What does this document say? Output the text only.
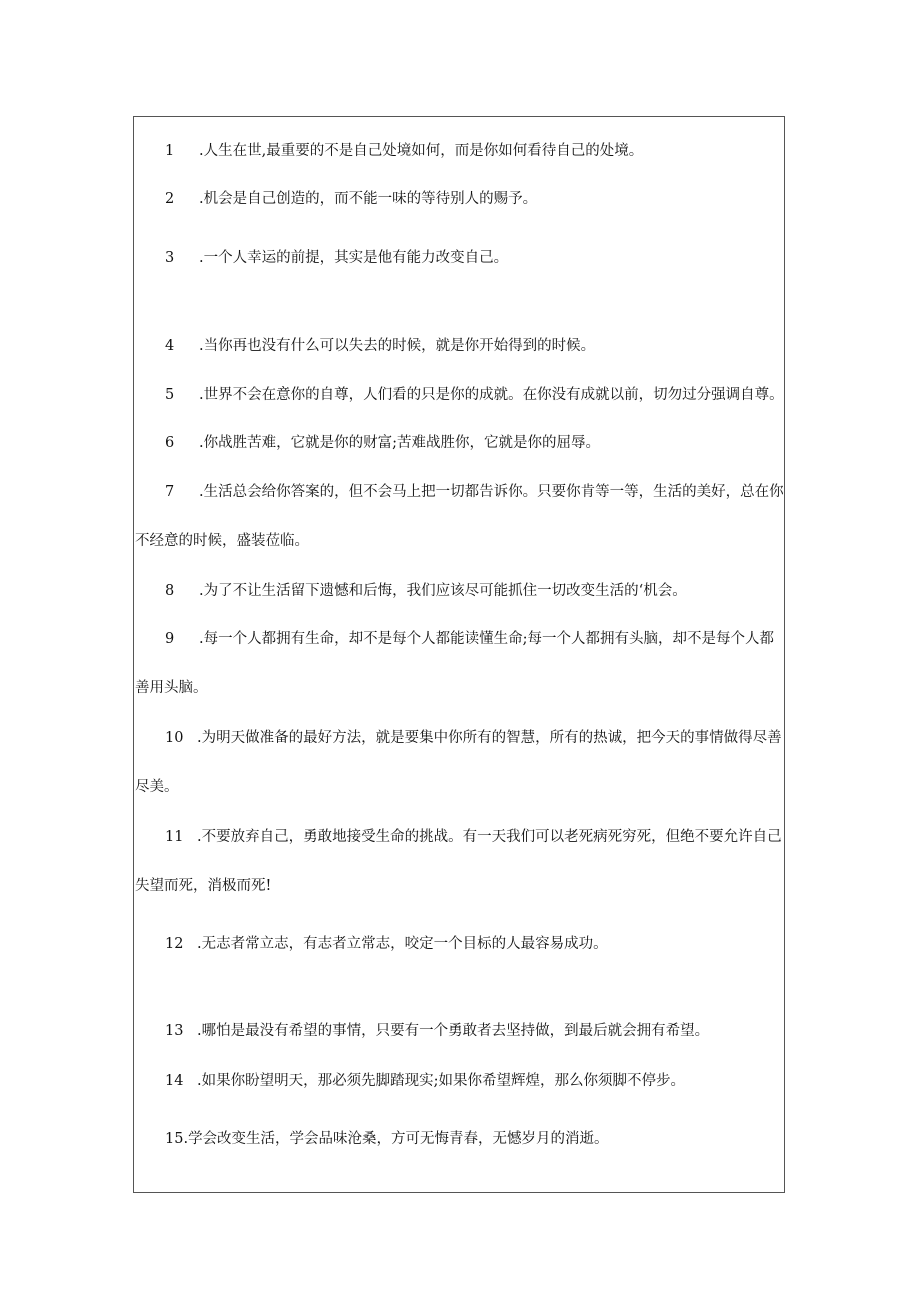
1 .人生在世,最重要的不是自己处境如何，而是你如何看待自己的处境。

2 .机会是自己创造的，而不能一味的等待别人的赐予。

3 .一个人幸运的前提，其实是他有能力改变自己。

4 .当你再也没有什么可以失去的时候，就是你开始得到的时候。

5 .世界不会在意你的自尊，人们看的只是你的成就。在你没有成就以前，切勿过分强调自尊。

6 .你战胜苦难，它就是你的财富;苦难战胜你，它就是你的屈辱。

7 .生活总会给你答案的，但不会马上把一切都告诉你。只要你肯等一等，生活的美好，总在你不经意的时候，盛装莅临。

8 .为了不让生活留下遗憾和后悔，我们应该尽可能抓住一切改变生活的‘机会。

9 .每一个人都拥有生命，却不是每个人都能读懂生命;每一个人都拥有头脑，却不是每个人都善用头脑。

10 .为明天做准备的最好方法，就是要集中你所有的智慧，所有的热诚，把今天的事情做得尽善尽美。

11 .不要放弃自己，勇敢地接受生命的挑战。有一天我们可以老死病死穷死，但绝不要允许自己失望而死，消极而死!

12 .无志者常立志，有志者立常志，咬定一个目标的人最容易成功。

13 .哪怕是最没有希望的事情，只要有一个勇敢者去坚持做，到最后就会拥有希望。

14 .如果你盼望明天，那必须先脚踏现实;如果你希望辉煌，那么你须脚不停步。

15.学会改变生活，学会品味沧桑，方可无悔青春，无憾岁月的消逝。
